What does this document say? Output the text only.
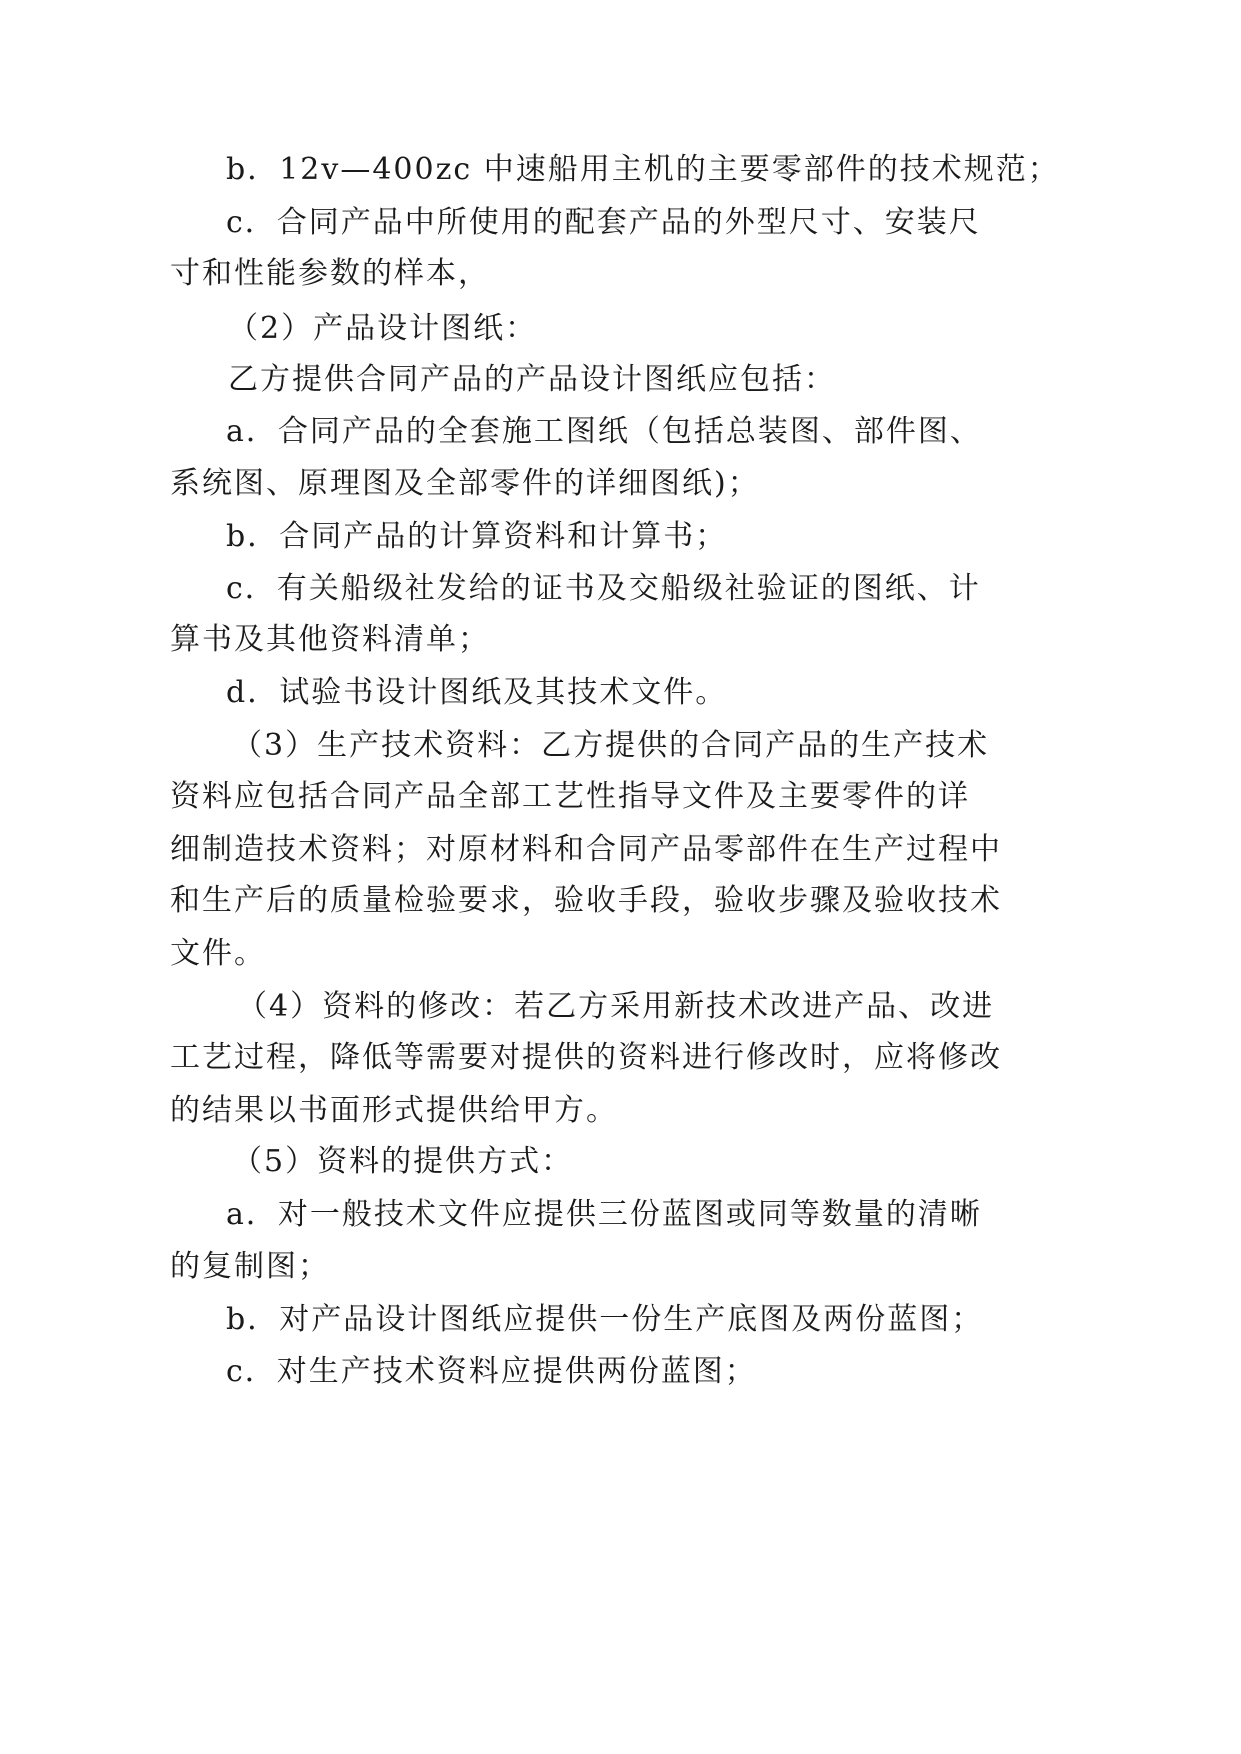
b．12v—400zc 中速船用主机的主要零部件的技术规范；
c．合同产品中所使用的配套产品的外型尺寸、安装尺
寸和性能参数的样本，
（2）产品设计图纸：
乙方提供合同产品的产品设计图纸应包括：
a．合同产品的全套施工图纸（包括总装图、部件图、
系统图、原理图及全部零件的详细图纸)；
b．合同产品的计算资料和计算书；
c．有关船级社发给的证书及交船级社验证的图纸、计
算书及其他资料清单；
d．试验书设计图纸及其技术文件。
（3）生产技术资料：乙方提供的合同产品的生产技术
资料应包括合同产品全部工艺性指导文件及主要零件的详
细制造技术资料；对原材料和合同产品零部件在生产过程中
和生产后的质量检验要求，验收手段，验收步骤及验收技术
文件。
（4）资料的修改：若乙方采用新技术改进产品、改进
工艺过程，降低等需要对提供的资料进行修改时，应将修改
的结果以书面形式提供给甲方。
（5）资料的提供方式：
a．对一般技术文件应提供三份蓝图或同等数量的清晰
的复制图；
b．对产品设计图纸应提供一份生产底图及两份蓝图；
c．对生产技术资料应提供两份蓝图；
